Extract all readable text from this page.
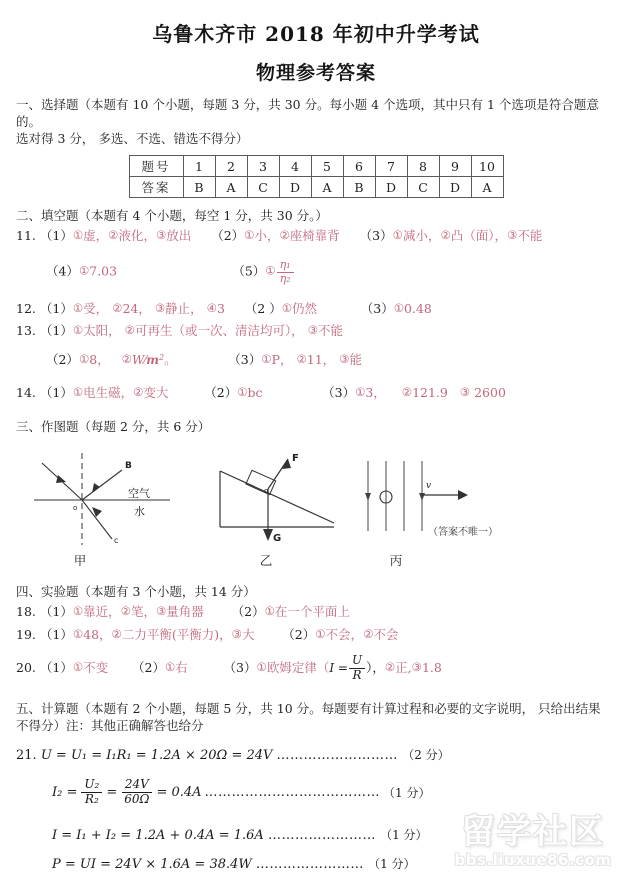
乌鲁木齐市 2018 年初中升学考试
物理参考答案
一、选择题（本题有 10 个小题，每题 3 分，共 30 分。每小题 4 个选项，其中只有 1 个选项是符合题意的。
选对得 3 分， 多选、不选、错选不得分）
题号	1	2	3	4	5	6	7	8	9	10
答案	B	A	C	D	A	B	D	C	D	A
二、填空题（本题有 4 个小题，每空 1 分，共 30 分。）
11. （1）①虚，②液化，③放出 （2）①小，②座椅靠背 （3）①减小，②凸（面），③不能
（4）①7.03	（5）① $\frac{\text{η₁}}{\text{η₂}}$
12. （1）①受， ②24， ③静止， ④3 （2 ）①仍然	（3）①0.48
13. （1）①太阳， ②可再生（或一次、清洁均可）， ③不能
（2）①8， $②W⁄m^2$。	（3）①P， ②11， ③能
14. （1）①电生磁，②变大	（2）①bc	（3）①3， ②121.9 ③ 2600
三、作图题（每题 2 分，共 6 分）
B
c
o
空气
水
甲
F
G
o
乙
v
（答案不唯一）
丙
四、实验题（本题有 3 个小题，共 14 分）
18. （1）①靠近，②笔，③量角器 （2）①在一个平面上
19. （1）①48，②二力平衡(平衡力)，③大 （2）①不会，②不会
20. （1）①不变 （2）①右	（3）①欧姆定律（$I = \frac{U}{R}$ ），②正,③1.8
五、计算题（本题有 2 个小题，每题 5 分，共 10 分。每题要有计算过程和必要的文字说明， 只给出结果
不得分）注：其他正确解答也给分
21. U = U₁ = I₁R₁ = 1.2A × 20Ω = 24V ……………………… （2 分）
$I_2 = \frac{\text{U₂}}{\text{R₂}} = \frac{24V}{60\Omega} = 0.4A$ ………………………………… （1 分）
I = I₁ + I₂ = 1.2A + 0.4A = 1.6A …………………… （1 分）
P = UI = 24V × 1.6A = 38.4W …………………… （1 分）
留学社区
bbs.liuxue86.com
